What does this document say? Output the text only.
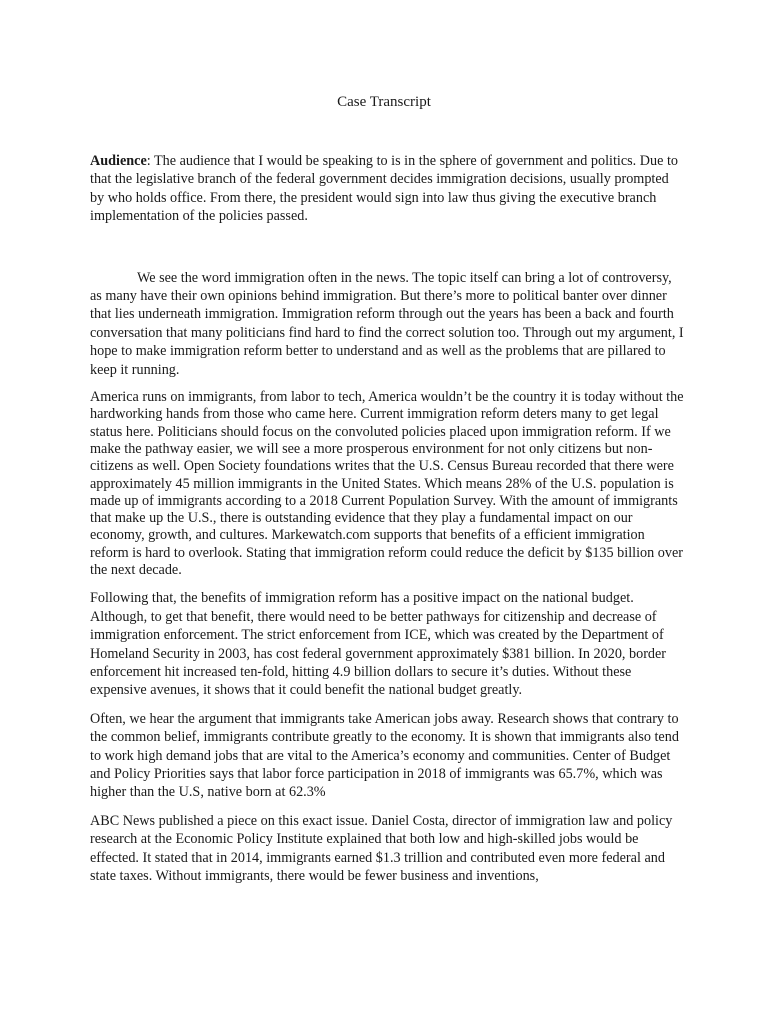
Case Transcript

Audience: The audience that I would be speaking to is in the sphere of government and politics. Due to that the legislative branch of the federal government decides immigration decisions, usually prompted by who holds office. From there, the president would sign into law thus giving the executive branch implementation of the policies passed.

We see the word immigration often in the news. The topic itself can bring a lot of controversy, as many have their own opinions behind immigration. But there’s more to political banter over dinner that lies underneath immigration. Immigration reform through out the years has been a back and fourth conversation that many politicians find hard to find the correct solution too. Through out my argument, I hope to make immigration reform better to understand and as well as the problems that are pillared to keep it running.

America runs on immigrants, from labor to tech, America wouldn’t be the country it is today without the hardworking hands from those who came here. Current immigration reform deters many to get legal status here. Politicians should focus on the convoluted policies placed upon immigration reform. If we make the pathway easier, we will see a more prosperous environment for not only citizens but non-citizens as well. Open Society foundations writes that the U.S. Census Bureau recorded that there were approximately 45 million immigrants in the United States. Which means 28% of the U.S. population is made up of immigrants according to a 2018 Current Population Survey. With the amount of immigrants that make up the U.S., there is outstanding evidence that they play a fundamental impact on our economy, growth, and cultures. Markewatch.com supports that benefits of a efficient immigration reform is hard to overlook. Stating that immigration reform could reduce the deficit by $135 billion over the next decade.

Following that, the benefits of immigration reform has a positive impact on the national budget. Although, to get that benefit, there would need to be better pathways for citizenship and decrease of immigration enforcement. The strict enforcement from ICE, which was created by the Department of Homeland Security in 2003, has cost federal government approximately $381 billion. In 2020, border enforcement hit increased ten-fold, hitting 4.9 billion dollars to secure it’s duties. Without these expensive avenues, it shows that it could benefit the national budget greatly.

Often, we hear the argument that immigrants take American jobs away. Research shows that contrary to the common belief, immigrants contribute greatly to the economy. It is shown that immigrants also tend to work high demand jobs that are vital to the America’s economy and communities. Center of Budget and Policy Priorities says that labor force participation in 2018 of immigrants was 65.7%, which was higher than the U.S, native born at 62.3%

ABC News published a piece on this exact issue. Daniel Costa, director of immigration law and policy research at the Economic Policy Institute explained that both low and high-skilled jobs would be effected. It stated that in 2014, immigrants earned $1.3 trillion and contributed even more federal and state taxes. Without immigrants, there would be fewer business and inventions,
